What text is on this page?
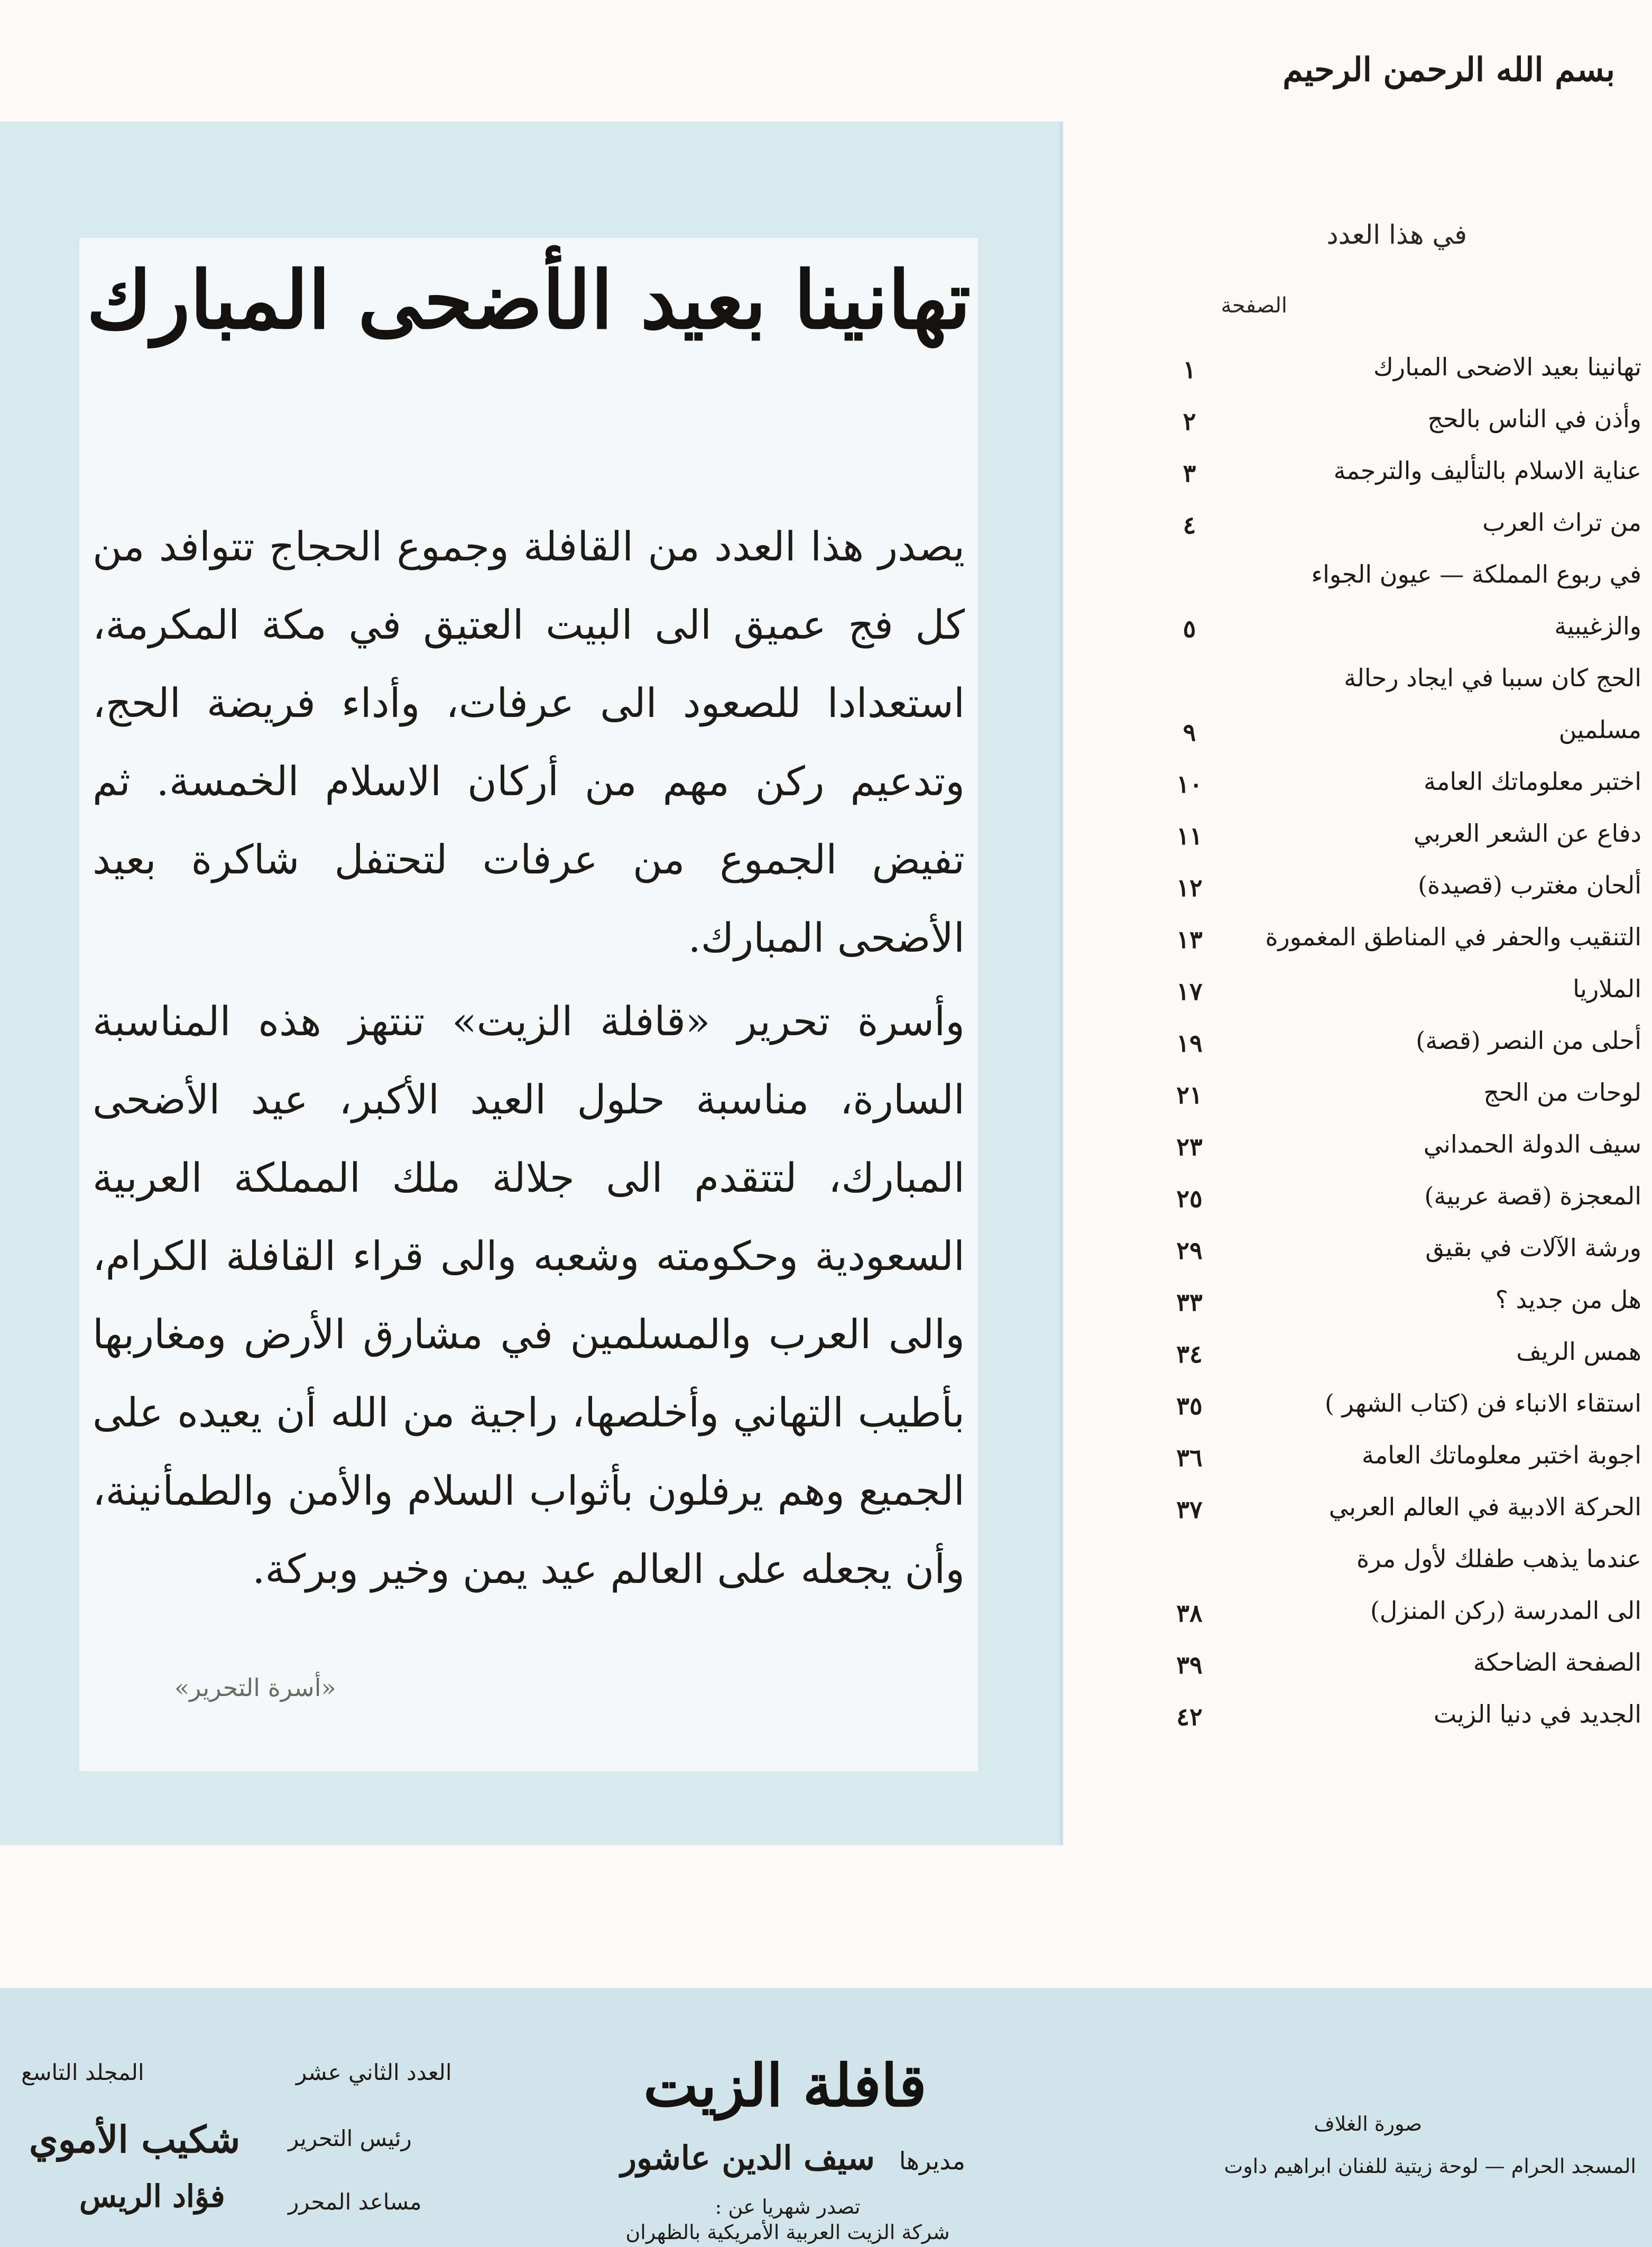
تهانينا بعيد الأضحى المبارك

يصدر هذا العدد من القافلة وجموع الحجاج تتوافد من كل فج عميق الى البيت العتيق في مكة المكرمة، استعدادا للصعود الى عرفات، وأداء فريضة الحج، وتدعيم ركن مهم من أركان الاسلام الخمسة. ثم تفيض الجموع من عرفات لتحتفل شاكرة بعيد الأضحى المبارك.

وأسرة تحرير «قافلة الزيت» تنتهز هذه المناسبة السارة، مناسبة حلول العيد الأكبر، عيد الأضحى المبارك، لتتقدم الى جلالة ملك المملكة العربية السعودية وحكومته وشعبه والى قراء القافلة الكرام، والى العرب والمسلمين في مشارق الأرض ومغاربها بأطيب التهاني وأخلصها، راجية من الله أن يعيده على الجميع وهم يرفلون بأثواب السلام والأمن والطمأنينة، وأن يجعله على العالم عيد يمن وخير وبركة.

«أسرة التحرير»
بسم الله الرحمن الرحيم
في هذا العدد
الصفحة
تهانينا بعيد الاضحى المبارك
١
وأذن في الناس بالحج
٢
عناية الاسلام بالتأليف والترجمة
٣
من تراث العرب
٤
في ربوع المملكة — عيون الجواء
والزغيبية
٥
الحج كان سببا في ايجاد رحالة
مسلمين
٩
اختبر معلوماتك العامة
١٠
دفاع عن الشعر العربي
١١
ألحان مغترب (قصيدة)
١٢
التنقيب والحفر في المناطق المغمورة
١٣
الملاريا
١٧
أحلى من النصر (قصة)
١٩
لوحات من الحج
٢١
سيف الدولة الحمداني
٢٣
المعجزة (قصة عربية)
٢٥
ورشة الآلات في بقيق
٢٩
هل من جديد ؟
٣٣
همس الريف
٣٤
استقاء الانباء فن (كتاب الشهر )
٣٥
اجوبة اختبر معلوماتك العامة
٣٦
الحركة الادبية في العالم العربي
٣٧
عندما يذهب طفلك لأول مرة
الى المدرسة (ركن المنزل)
٣٨
الصفحة الضاحكة
٣٩
الجديد في دنيا الزيت
٤٢
قافلة الزيت
مديرها سيف الدين عاشور
تصدر شهريا عن :
شركة الزيت العربية الأمريكية بالظهران
العدد الثاني عشر
المجلد التاسع
رئيس التحرير
شكيب الأموي
مساعد المحرر
فؤاد الريس
صورة الغلاف
المسجد الحرام — لوحة زيتية للفنان ابراهيم داوت
